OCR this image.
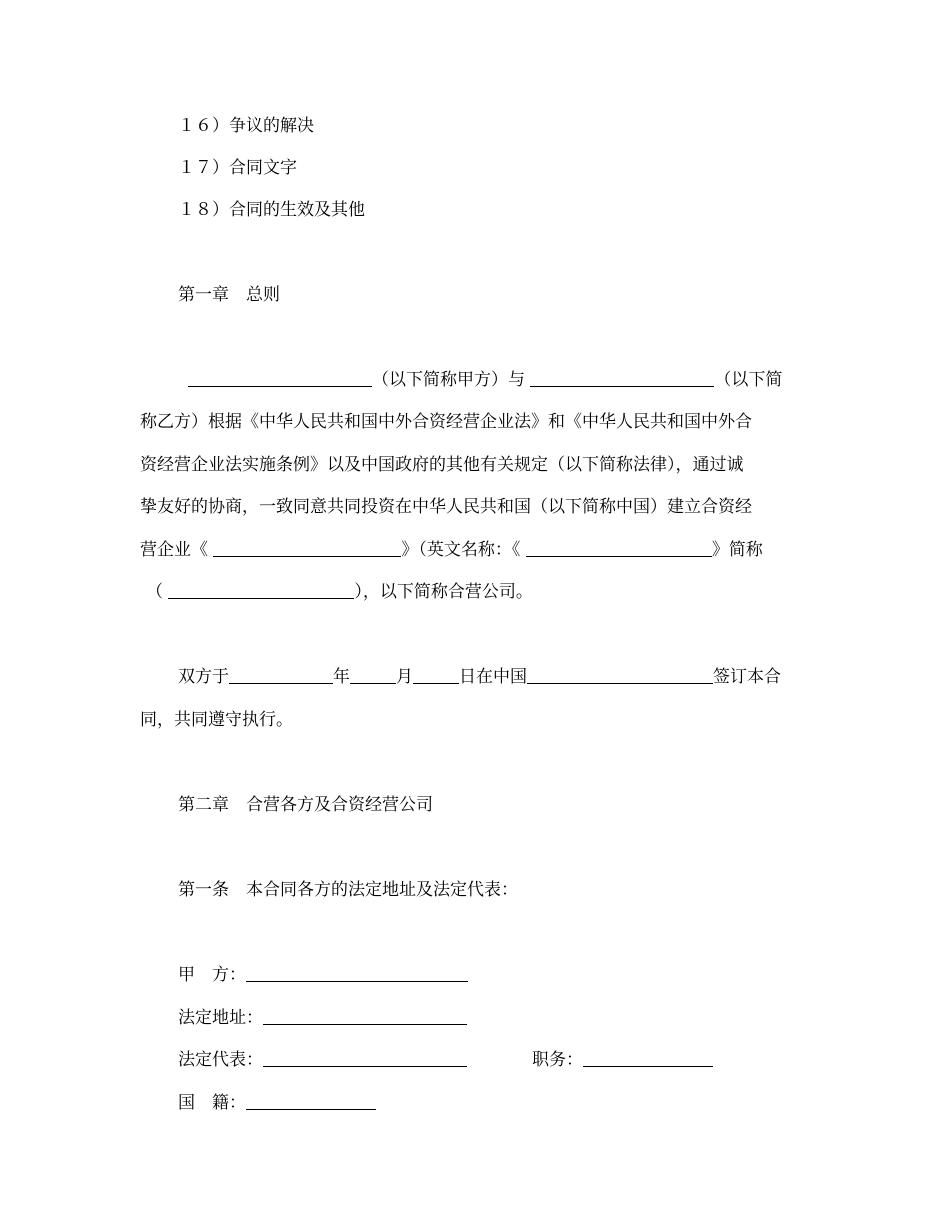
１６）争议的解决
１７）合同文字
１８）合同的生效及其他
第一章　总则
（以下简称甲方）与	（以下简
称乙方）根据《中华人民共和国中外合资经营企业法》和《中华人民共和国中外合
资经营企业法实施条例》以及中国政府的其他有关规定（以下简称法律），通过诚
挚友好的协商，一致同意共同投资在中华人民共和国（以下简称中国）建立合资经
营企业《	》（英文名称：《	》简称
（	），以下简称合营公司。
双方于	年	月	日在中国	签订本合
同，共同遵守执行。
第二章　合营各方及合资经营公司
第一条　本合同各方的法定地址及法定代表：
甲　方：
法定地址：
法定代表：	职务：
国　籍：
